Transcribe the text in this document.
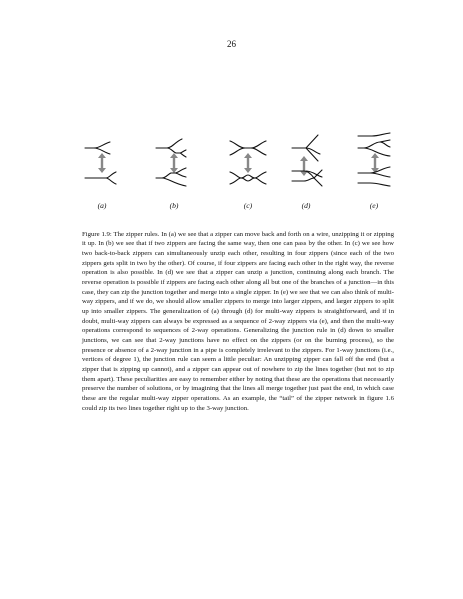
26
(a)	(b)	(c)	(d)	(e)

Figure 1.9: The zipper rules. In (a) we see that a zipper can move back and forth on a wire, unzipping it or zipping it up. In (b) we see that if two zippers are facing the same way, then one can pass by the other. In (c) we see how two back-to-back zippers can simultaneously unzip each other, resulting in four zippers (since each of the two zippers gets split in two by the other). Of course, if four zippers are facing each other in the right way, the reverse operation is also possible. In (d) we see that a zipper can unzip a junction, continuing along each branch. The reverse operation is possible if zippers are facing each other along all but one of the branches of a junction—in this case, they can zip the junction together and merge into a single zipper. In (e) we see that we can also think of multi-way zippers, and if we do, we should allow smaller zippers to merge into larger zippers, and larger zippers to split up into smaller zippers. The generalization of (a) through (d) for multi-way zippers is straightforward, and if in doubt, multi-way zippers can always be expressed as a sequence of 2-way zippers via (e), and then the multi-way operations correspond to sequences of 2-way operations. Generalizing the junction rule in (d) down to smaller junctions, we can see that 2-way junctions have no effect on the zippers (or on the burning process), so the presence or absence of a 2-way junction in a pipe is completely irrelevant to the zippers. For 1-way junctions (i.e., vertices of degree 1), the junction rule can seem a little peculiar: An unzipping zipper can fall off the end (but a zipper that is zipping up cannot), and a zipper can appear out of nowhere to zip the lines together (but not to zip them apart). These peculiarities are easy to remember either by noting that these are the operations that necessarily preserve the number of solutions, or by imagining that the lines all merge together just past the end, in which case these are the regular multi-way zipper operations. As an example, the “tail” of the zipper network in figure 1.6 could zip its two lines together right up to the 3-way junction.
